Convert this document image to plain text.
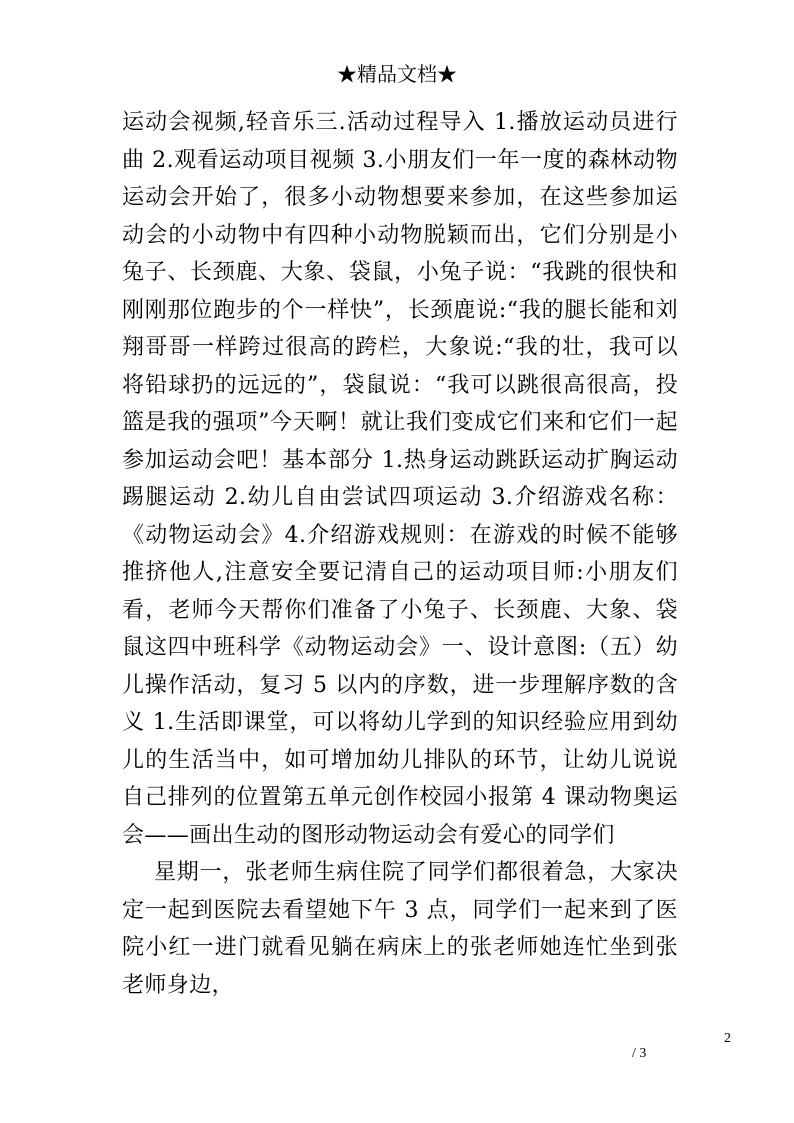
★精品文档★

运动会视频,轻音乐三.活动过程导入 1.播放运动员进行曲 2.观看运动项目视频 3.小朋友们一年一度的森林动物运动会开始了，很多小动物想要来参加，在这些参加运动会的小动物中有四种小动物脱颖而出，它们分别是小兔子、长颈鹿、大象、袋鼠，小兔子说：“我跳的很快和刚刚那位跑步的个一样快”，长颈鹿说:“我的腿长能和刘翔哥哥一样跨过很高的跨栏，大象说:“我的壮，我可以将铅球扔的远远的”，袋鼠说：“我可以跳很高很高，投篮是我的强项”今天啊！就让我们变成它们来和它们一起参加运动会吧！基本部分 1.热身运动跳跃运动扩胸运动踢腿运动 2.幼儿自由尝试四项运动 3.介绍游戏名称：《动物运动会》4.介绍游戏规则：在游戏的时候不能够推挤他人,注意安全要记清自己的运动项目师:小朋友们看，老师今天帮你们准备了小兔子、长颈鹿、大象、袋鼠这四中班科学《动物运动会》一、设计意图:（五）幼儿操作活动，复习 5 以内的序数，进一步理解序数的含义 1.生活即课堂，可以将幼儿学到的知识经验应用到幼儿的生活当中，如可增加幼儿排队的环节，让幼儿说说自己排列的位置第五单元创作校园小报第 4 课动物奥运会——画出生动的图形动物运动会有爱心的同学们

星期一，张老师生病住院了同学们都很着急，大家决定一起到医院去看望她下午 3 点，同学们一起来到了医院小红一进门就看见躺在病床上的张老师她连忙坐到张老师身边，

2
/ 3
